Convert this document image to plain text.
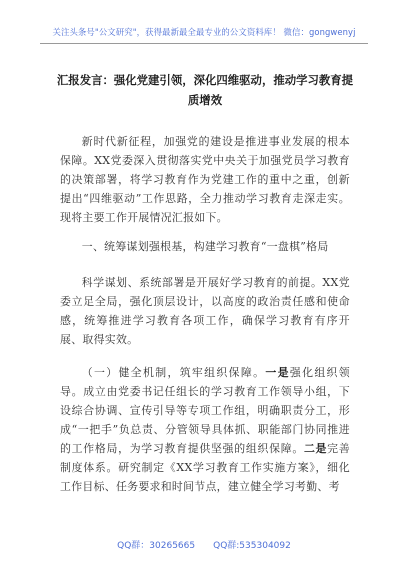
关注头条号"公文研究"，获得最新最全最专业的公文资料库！ 微信：gongwenyj
汇报发言：强化党建引领，深化四维驱动，推动学习教育提质增效
新时代新征程，加强党的建设是推进事业发展的根本保障。XX党委深入贯彻落实党中央关于加强党员学习教育的决策部署，将学习教育作为党建工作的重中之重，创新提出“四维驱动”工作思路，全力推动学习教育走深走实。现将主要工作开展情况汇报如下。
一、统筹谋划强根基，构建学习教育“一盘棋”格局
科学谋划、系统部署是开展好学习教育的前提。XX党委立足全局，强化顶层设计，以高度的政治责任感和使命感，统筹推进学习教育各项工作，确保学习教育有序开展、取得实效。
（一）健全机制，筑牢组织保障。一是强化组织领导。成立由党委书记任组长的学习教育工作领导小组，下设综合协调、宣传引导等专项工作组，明确职责分工，形成“一把手”负总责、分管领导具体抓、职能部门协同推进的工作格局，为学习教育提供坚强的组织保障。二是完善制度体系。研究制定《XX学习教育工作实施方案》，细化工作目标、任务要求和时间节点，建立健全学习考勤、考
QQ群：30265665 QQ群:535304092
